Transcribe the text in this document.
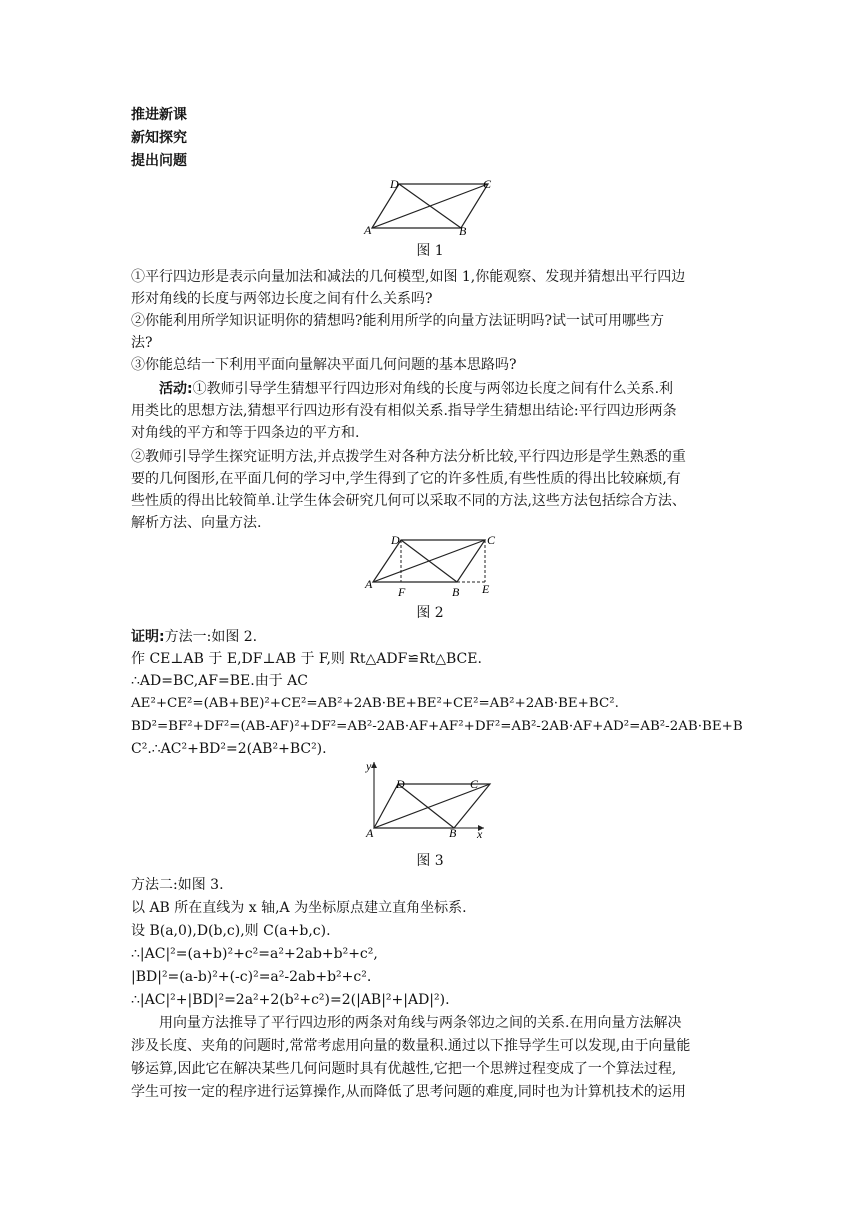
推进新课
新知探究
提出问题
D	C
A	B
图 1
①平行四边形是表示向量加法和减法的几何模型,如图 1,你能观察、发现并猜想出平行四边
形对角线的长度与两邻边长度之间有什么关系吗?
②你能利用所学知识证明你的猜想吗?能利用所学的向量方法证明吗?试一试可用哪些方
法?
③你能总结一下利用平面向量解决平面几何问题的基本思路吗?
活动:①教师引导学生猜想平行四边形对角线的长度与两邻边长度之间有什么关系.利
用类比的思想方法,猜想平行四边形有没有相似关系.指导学生猜想出结论:平行四边形两条
对角线的平方和等于四条边的平方和.
②教师引导学生探究证明方法,并点拨学生对各种方法分析比较,平行四边形是学生熟悉的重
要的几何图形,在平面几何的学习中,学生得到了它的许多性质,有些性质的得出比较麻烦,有
些性质的得出比较简单.让学生体会研究几何可以采取不同的方法,这些方法包括综合方法、
解析方法、向量方法.
D	C
A
F	B E
图 2
证明:方法一:如图 2.
作 CE⊥AB 于 E,DF⊥AB 于 F,则 Rt△ADF≌Rt△BCE.
∴AD=BC,AF=BE.由于 AC
AE²+CE²=(AB+BE)²+CE²=AB²+2AB·BE+BE²+CE²=AB²+2AB·BE+BC².
BD²=BF²+DF²=(AB-AF)²+DF²=AB²-2AB·AF+AF²+DF²=AB²-2AB·AF+AD²=AB²-2AB·BE+B
C².∴AC²+BD²=2(AB²+BC²).
y
D	C
A	B x
图 3
方法二:如图 3.
以 AB 所在直线为 x 轴,A 为坐标原点建立直角坐标系.
设 B(a,0),D(b,c),则 C(a+b,c).
∴|AC|²=(a+b)²+c²=a²+2ab+b²+c²,
|BD|²=(a-b)²+(-c)²=a²-2ab+b²+c².
∴|AC|²+|BD|²=2a²+2(b²+c²)=2(|AB|²+|AD|²).
用向量方法推导了平行四边形的两条对角线与两条邻边之间的关系.在用向量方法解决
涉及长度、夹角的问题时,常常考虑用向量的数量积.通过以下推导学生可以发现,由于向量能
够运算,因此它在解决某些几何问题时具有优越性,它把一个思辨过程变成了一个算法过程,
学生可按一定的程序进行运算操作,从而降低了思考问题的难度,同时也为计算机技术的运用
